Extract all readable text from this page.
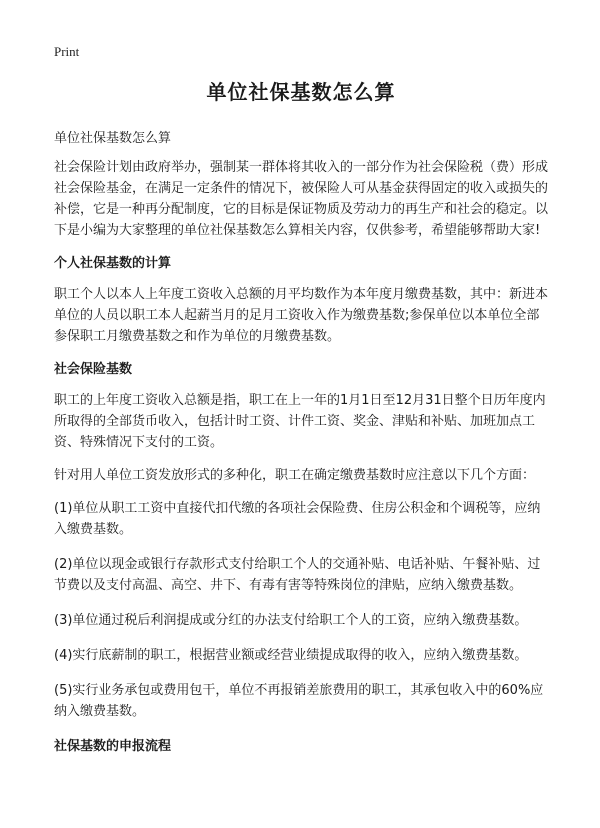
Print
单位社保基数怎么算

单位社保基数怎么算

社会保险计划由政府举办，强制某一群体将其收入的一部分作为社会保险税（费）形成社会保险基金，在满足一定条件的情况下，被保险人可从基金获得固定的收入或损失的补偿，它是一种再分配制度，它的目标是保证物质及劳动力的再生产和社会的稳定。以下是小编为大家整理的单位社保基数怎么算相关内容，仅供参考，希望能够帮助大家!

个人社保基数的计算

职工个人以本人上年度工资收入总额的月平均数作为本年度月缴费基数，其中：新进本单位的人员以职工本人起薪当月的足月工资收入作为缴费基数;参保单位以本单位全部参保职工月缴费基数之和作为单位的月缴费基数。

社会保险基数

职工的上年度工资收入总额是指，职工在上一年的1月1日至12月31日整个日历年度内所取得的全部货币收入，包括计时工资、计件工资、奖金、津贴和补贴、加班加点工资、特殊情况下支付的工资。

针对用人单位工资发放形式的多种化，职工在确定缴费基数时应注意以下几个方面：

(1)单位从职工工资中直接代扣代缴的各项社会保险费、住房公积金和个调税等，应纳入缴费基数。

(2)单位以现金或银行存款形式支付给职工个人的交通补贴、电话补贴、午餐补贴、过节费以及支付高温、高空、井下、有毒有害等特殊岗位的津贴，应纳入缴费基数。

(3)单位通过税后利润提成或分红的办法支付给职工个人的工资，应纳入缴费基数。

(4)实行底薪制的职工，根据营业额或经营业绩提成取得的收入，应纳入缴费基数。

(5)实行业务承包或费用包干，单位不再报销差旅费用的职工，其承包收入中的60%应纳入缴费基数。

社保基数的申报流程
